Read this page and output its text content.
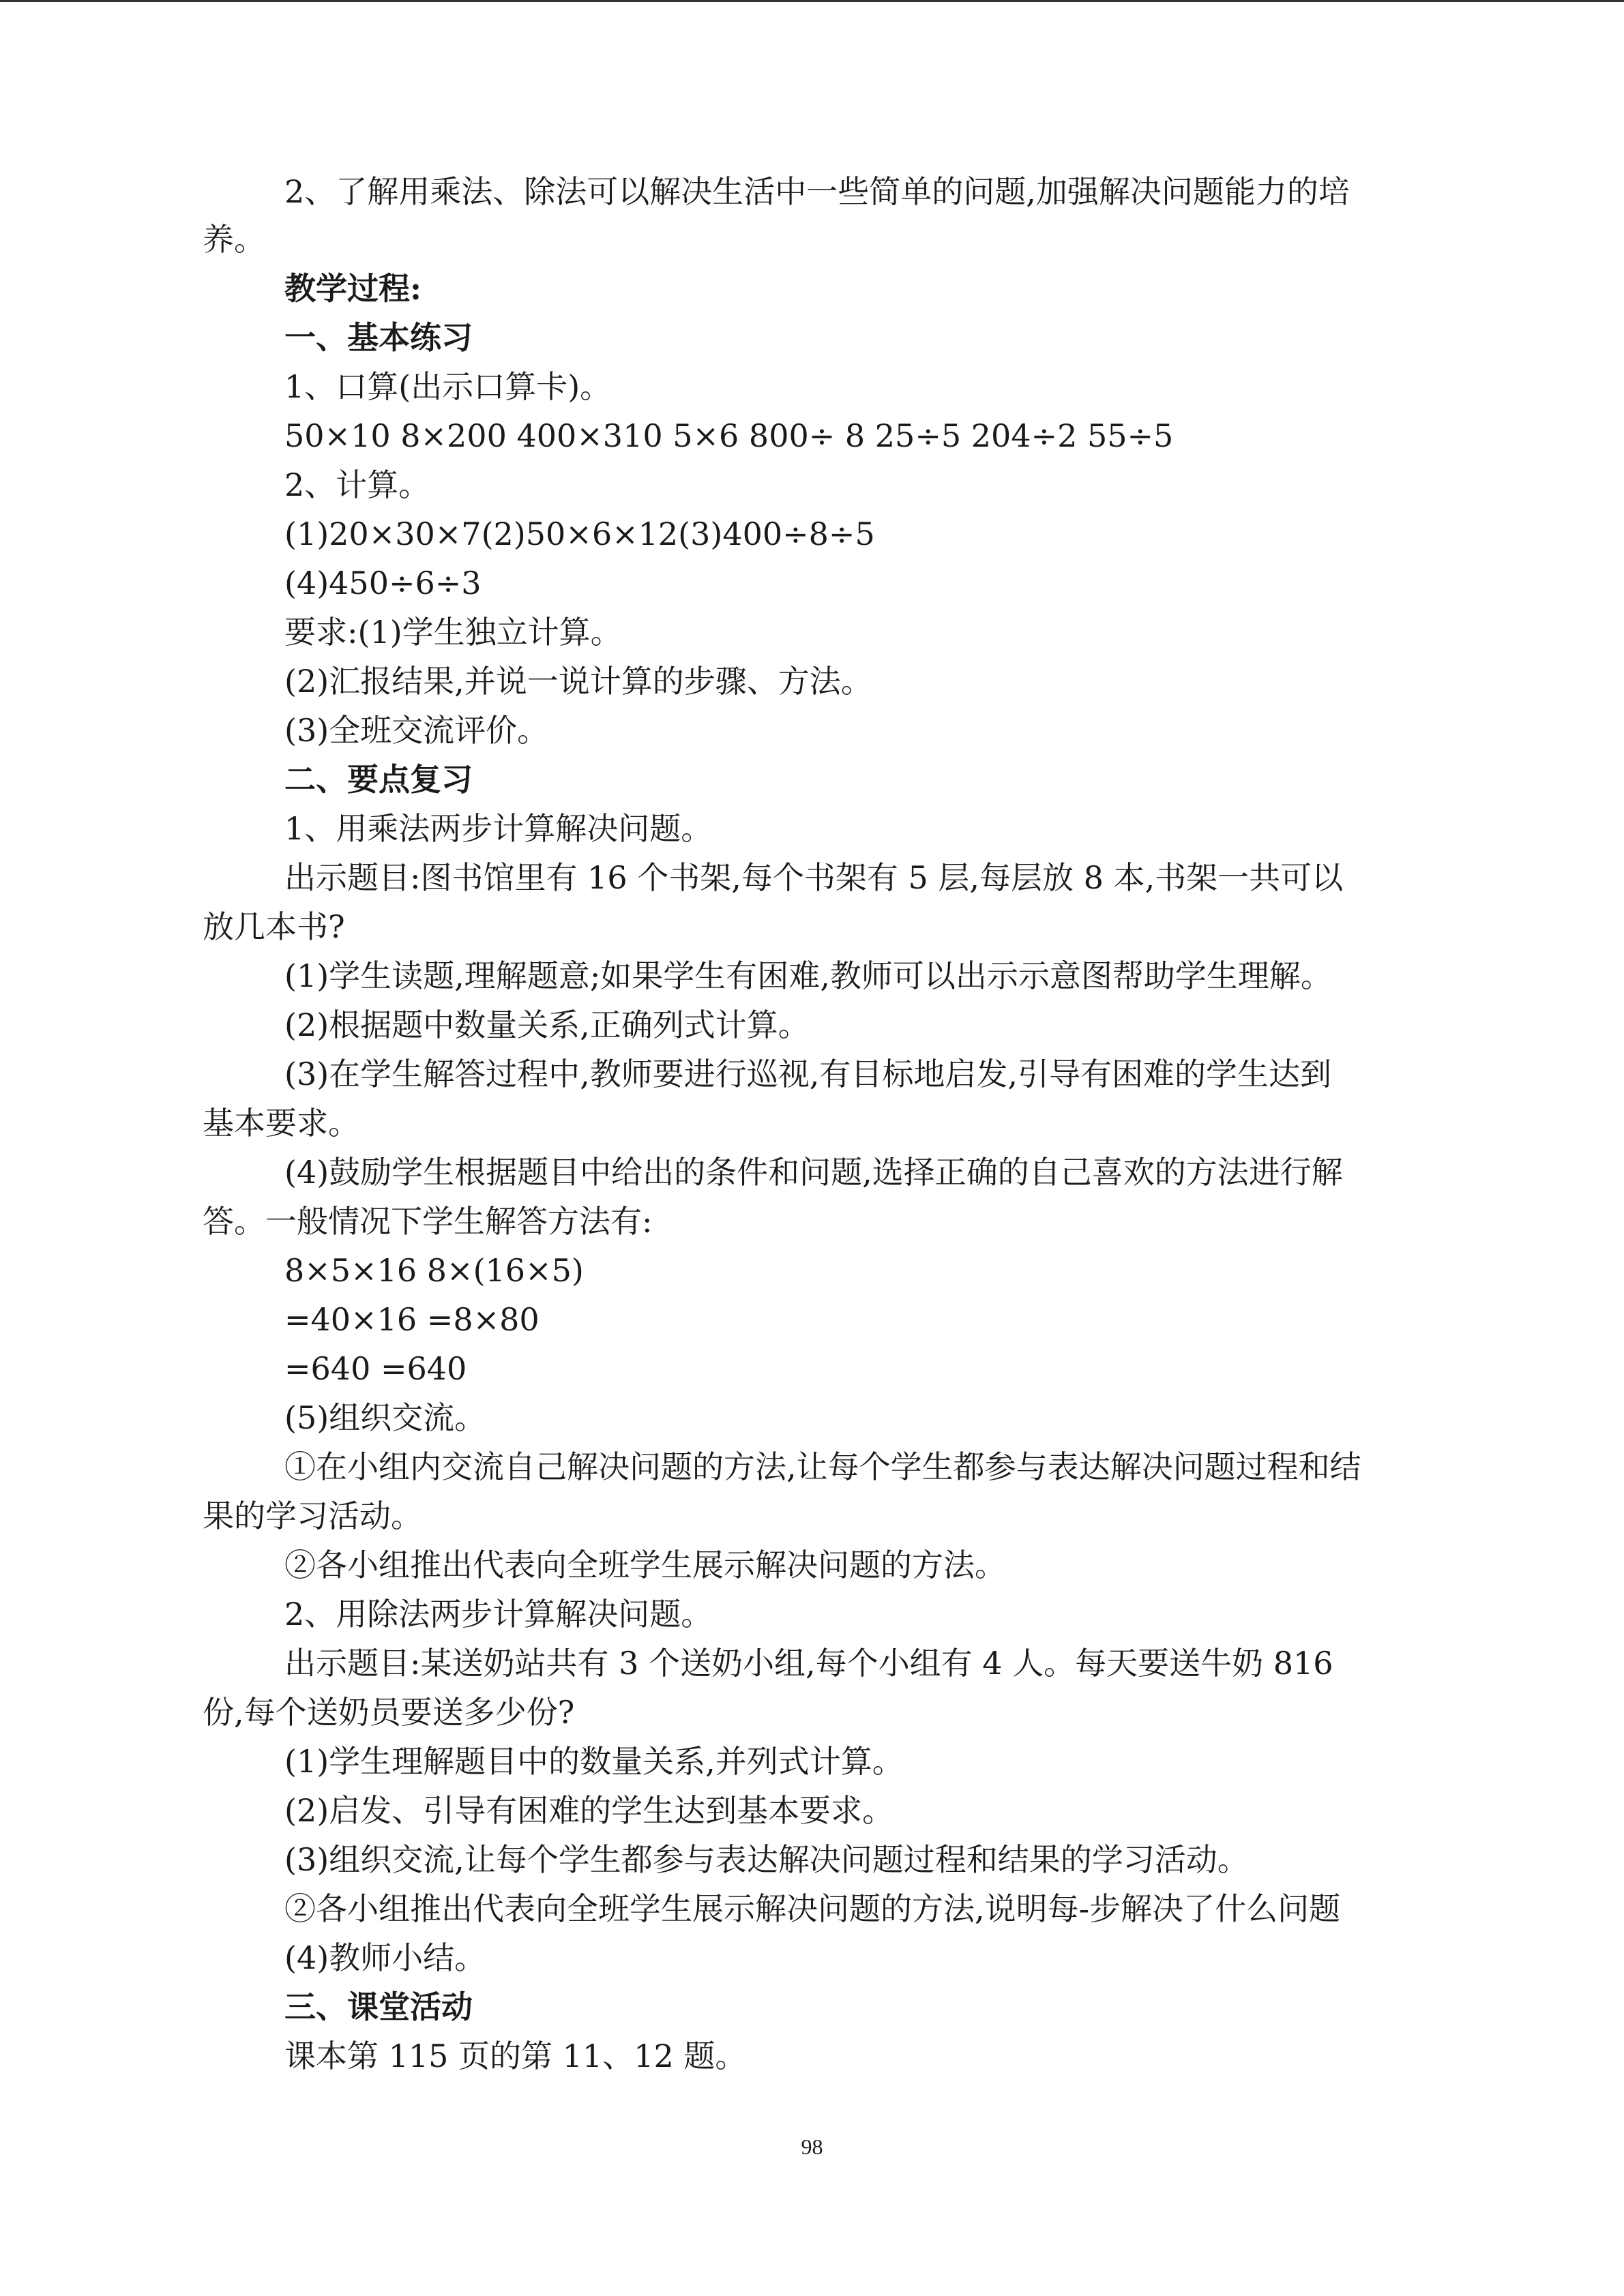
2、了解用乘法、除法可以解决生活中一些简单的问题,加强解决问题能力的培
养。
教学过程:
一、基本练习
1、口算(出示口算卡)。
50×10 8×200 400×310 5×6 800÷ 8 25÷5 204÷2 55÷5
2、计算。
(1)20×30×7(2)50×6×12(3)400÷8÷5
(4)450÷6÷3
要求:(1)学生独立计算。
(2)汇报结果,并说一说计算的步骤、方法。
(3)全班交流评价。
二、要点复习
1、用乘法两步计算解决问题。
出示题目:图书馆里有 16 个书架,每个书架有 5 层,每层放 8 本,书架一共可以
放几本书?
(1)学生读题,理解题意;如果学生有困难,教师可以出示示意图帮助学生理解。
(2)根据题中数量关系,正确列式计算。
(3)在学生解答过程中,教师要进行巡视,有目标地启发,引导有困难的学生达到
基本要求。
(4)鼓励学生根据题目中给出的条件和问题,选择正确的自己喜欢的方法进行解
答。一般情况下学生解答方法有:
8×5×16 8×(16×5)
=40×16 =8×80
=640 =640
(5)组织交流。
①在小组内交流自己解决问题的方法,让每个学生都参与表达解决问题过程和结
果的学习活动。
②各小组推出代表向全班学生展示解决问题的方法。
2、用除法两步计算解决问题。
出示题目:某送奶站共有 3 个送奶小组,每个小组有 4 人。每天要送牛奶 816
份,每个送奶员要送多少份?
(1)学生理解题目中的数量关系,并列式计算。
(2)启发、引导有困难的学生达到基本要求。
(3)组织交流,让每个学生都参与表达解决问题过程和结果的学习活动。
②各小组推出代表向全班学生展示解决问题的方法,说明每-步解决了什么问题
(4)教师小结。
三、课堂活动
课本第 115 页的第 11、12 题。
98
